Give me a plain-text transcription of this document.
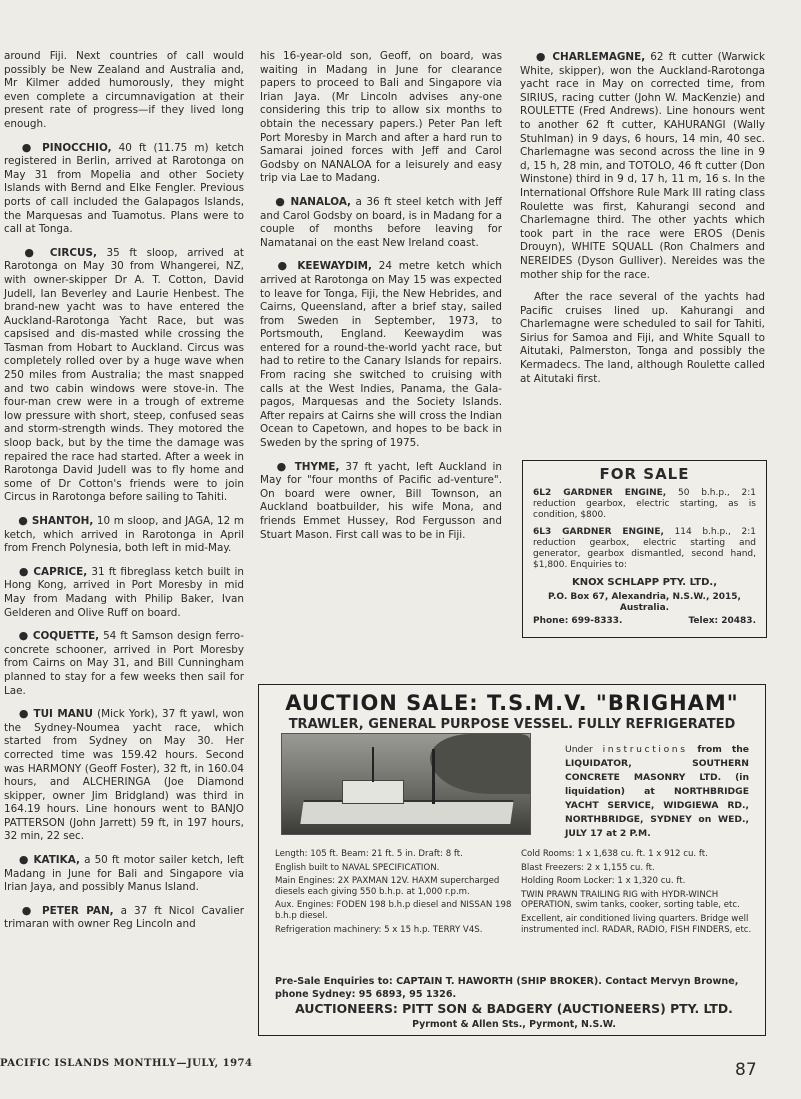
around Fiji. Next countries of call would possibly be New Zealand and Australia and, Mr Kilmer added humorously, they might even complete a circumnavigation at their present rate of progress—if they lived long enough.

● PINOCCHIO, 40 ft (11.75 m) ketch registered in Berlin, arrived at Rarotonga on May 31 from Mopelia and other Society Islands with Bernd and Elke Fengler. Previous ports of call included the Galapagos Islands, the Marquesas and Tuamotus. Plans were to call at Tonga.

● CIRCUS, 35 ft sloop, arrived at Rarotonga on May 30 from Whangerei, NZ, with owner-skipper Dr A. T. Cotton, David Judell, Ian Beverley and Laurie Henbest. The brand-new yacht was to have entered the Auckland-Rarotonga Yacht Race, but was capsised and dis-masted while crossing the Tasman from Hobart to Auckland. Circus was completely rolled over by a huge wave when 250 miles from Australia; the mast snapped and two cabin windows were stove-in. The four-man crew were in a trough of extreme low pressure with short, steep, confused seas and storm-strength winds. They motored the sloop back, but by the time the damage was repaired the race had started. After a week in Rarotonga David Judell was to fly home and some of Dr Cotton's friends were to join Circus in Rarotonga before sailing to Tahiti.

● SHANTOH, 10 m sloop, and JAGA, 12 m ketch, which arrived in Rarotonga in April from French Polynesia, both left in mid-May.

● CAPRICE, 31 ft fibreglass ketch built in Hong Kong, arrived in Port Moresby in mid May from Madang with Philip Baker, Ivan Gelderen and Olive Ruff on board.

● COQUETTE, 54 ft Samson design ferro-concrete schooner, arrived in Port Moresby from Cairns on May 31, and Bill Cunningham planned to stay for a few weeks then sail for Lae.

● TUI MANU (Mick York), 37 ft yawl, won the Sydney-Noumea yacht race, which started from Sydney on May 30. Her corrected time was 159.42 hours. Second was HARMONY (Geoff Foster), 32 ft, in 160.04 hours, and ALCHERINGA (Joe Diamond skipper, owner Jim Bridgland) was third in 164.19 hours. Line honours went to BANJO PATTERSON (John Jarrett) 59 ft, in 197 hours, 32 min, 22 sec.

● KATIKA, a 50 ft motor sailer ketch, left Madang in June for Bali and Singapore via Irian Jaya, and possibly Manus Island.

● PETER PAN, a 37 ft Nicol Cavalier trimaran with owner Reg Lincoln and

his 16-year-old son, Geoff, on board, was waiting in Madang in June for clearance papers to proceed to Bali and Singapore via Irian Jaya. (Mr Lincoln advises any-one considering this trip to allow six months to obtain the necessary papers.) Peter Pan left Port Moresby in March and after a hard run to Samarai joined forces with Jeff and Carol Godsby on NANALOA for a leisurely and easy trip via Lae to Madang.

● NANALOA, a 36 ft steel ketch with Jeff and Carol Godsby on board, is in Madang for a couple of months before leaving for Namatanai on the east New Ireland coast.

● KEEWAYDIM, 24 metre ketch which arrived at Rarotonga on May 15 was expected to leave for Tonga, Fiji, the New Hebrides, and Cairns, Queensland, after a brief stay, sailed from Sweden in September, 1973, to Portsmouth, England. Keewaydim was entered for a round-the-world yacht race, but had to retire to the Canary Islands for repairs. From racing she switched to cruising with calls at the West Indies, Panama, the Gala-pagos, Marquesas and the Society Islands. After repairs at Cairns she will cross the Indian Ocean to Capetown, and hopes to be back in Sweden by the spring of 1975.

● THYME, 37 ft yacht, left Auckland in May for "four months of Pacific ad-venture". On board were owner, Bill Townson, an Auckland boatbuilder, his wife Mona, and friends Emmet Hussey, Rod Fergusson and Stuart Mason. First call was to be in Fiji.

● CHARLEMAGNE, 62 ft cutter (Warwick White, skipper), won the Auckland-Rarotonga yacht race in May on corrected time, from SIRIUS, racing cutter (John W. MacKenzie) and ROULETTE (Fred Andrews). Line honours went to another 62 ft cutter, KAHURANGI (Wally Stuhlman) in 9 days, 6 hours, 14 min, 40 sec. Charlemagne was second across the line in 9 d, 15 h, 28 min, and TOTOLO, 46 ft cutter (Don Winstone) third in 9 d, 17 h, 11 m, 16 s. In the International Offshore Rule Mark III rating class Roulette was first, Kahurangi second and Charlemagne third. The other yachts which took part in the race were EROS (Denis Drouyn), WHITE SQUALL (Ron Chalmers and NEREIDES (Dyson Gulliver). Nereides was the mother ship for the race.

After the race several of the yachts had Pacific cruises lined up. Kahurangi and Charlemagne were scheduled to sail for Tahiti, Sirius for Samoa and Fiji, and White Squall to Aitutaki, Palmerston, Tonga and possibly the Kermadecs. The land, although Roulette called at Aitutaki first.

FOR SALE

6L2 GARDNER ENGINE, 50 b.h.p., 2:1 reduction gearbox, electric starting, as is condition, $800.

6L3 GARDNER ENGINE, 114 b.h.p., 2:1 reduction gearbox, electric starting and generator, gearbox dismantled, second hand, $1,800. Enquiries to:

KNOX SCHLAPP PTY. LTD.,
P.O. Box 67, Alexandria, N.S.W., 2015, Australia.
Phone: 699-8333.	Telex: 20483.
AUCTION SALE: T.S.M.V. "BRIGHAM"
TRAWLER, GENERAL PURPOSE VESSEL. FULLY REFRIGERATED
Under instructions from the LIQUIDATOR, SOUTHERN CONCRETE MASONRY LTD. (in liquidation) at NORTHBRIDGE YACHT SERVICE, WIDGIEWA RD., NORTHBRIDGE, SYDNEY on WED., JULY 17 at 2 P.M.

Length: 105 ft. Beam: 21 ft. 5 in. Draft: 8 ft.

English built to NAVAL SPECIFICATION.

Main Engines: 2X PAXMAN 12V. HAXM supercharged diesels each giving 550 b.h.p. at 1,000 r.p.m.

Aux. Engines: FODEN 198 b.h.p diesel and NISSAN 198 b.h.p diesel.

Refrigeration machinery: 5 x 15 h.p. TERRY V4S.

Cold Rooms: 1 x 1,638 cu. ft. 1 x 912 cu. ft.

Blast Freezers: 2 x 1,155 cu. ft.

Holding Room Locker: 1 x 1,320 cu. ft.

TWIN PRAWN TRAILING RIG with HYDR-WINCH OPERATION, swim tanks, cooker, sorting table, etc.

Excellent, air conditioned living quarters. Bridge well instrumented incl. RADAR, RADIO, FISH FINDERS, etc.

Pre-Sale Enquiries to: CAPTAIN T. HAWORTH (SHIP BROKER). Contact Mervyn Browne, phone Sydney: 95 6893, 95 1326.
AUCTIONEERS: PITT SON & BADGERY (AUCTIONEERS) PTY. LTD.
Pyrmont & Allen Sts., Pyrmont, N.S.W.
PACIFIC ISLANDS MONTHLY—JULY, 1974	87
